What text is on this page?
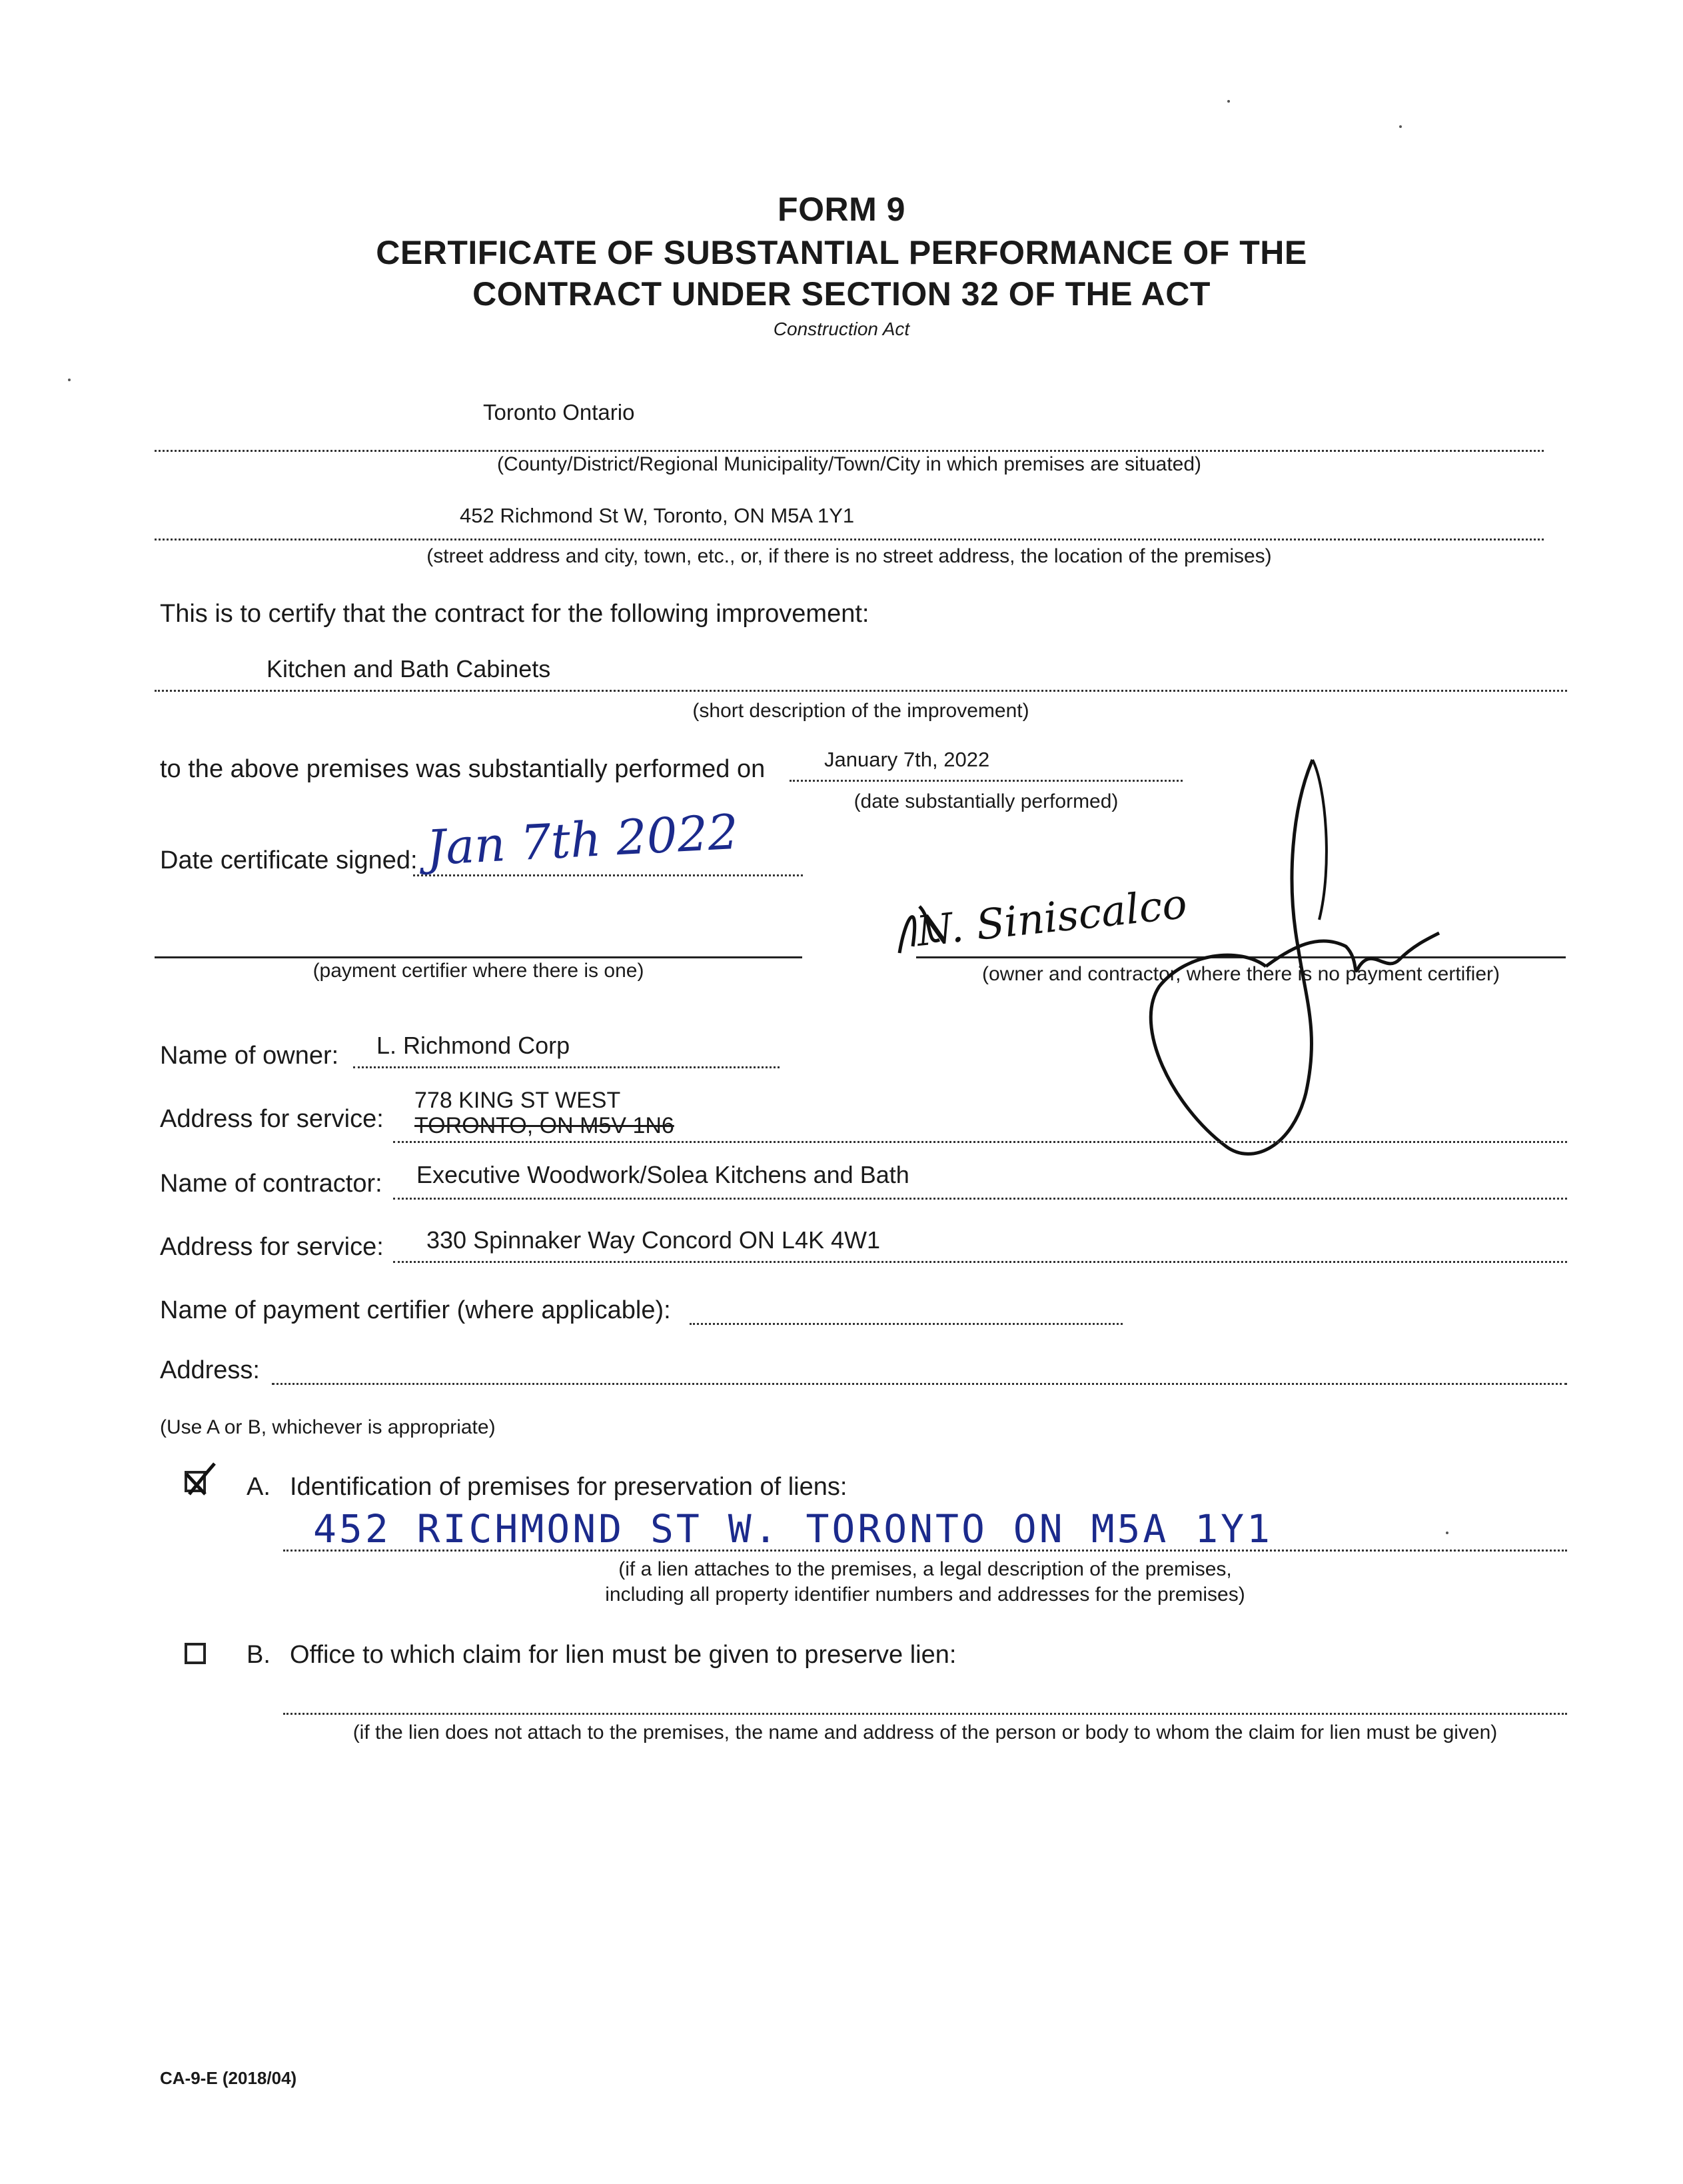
FORM 9
CERTIFICATE OF SUBSTANTIAL PERFORMANCE OF THE
CONTRACT UNDER SECTION 32 OF THE ACT
Construction Act
Toronto Ontario
(County/District/Regional Municipality/Town/City in which premises are situated)
452 Richmond St W, Toronto, ON M5A 1Y1
(street address and city, town, etc., or, if there is no street address, the location of the premises)
This is to certify that the contract for the following improvement:
Kitchen and Bath Cabinets
(short description of the improvement)
to the above premises was substantially performed on	January 7th, 2022
(date substantially performed)
Date certificate signed: Jan 7th 2022
(payment certifier where there is one)	(owner and contractor, where there is no payment certifier)
N. Siniscalco
Name of owner: L. Richmond Corp
Address for service:
778 KING ST WEST
TORONTO, ON M5V 1N6
Name of contractor: Executive Woodwork/Solea Kitchens and Bath
Address for service: 330 Spinnaker Way Concord ON L4K 4W1
Name of payment certifier (where applicable):
Address:
(Use A or B, whichever is appropriate)
A. Identification of premises for preservation of liens:
452 RICHMOND ST W. TORONTO ON M5A 1Y1
(if a lien attaches to the premises, a legal description of the premises,
including all property identifier numbers and addresses for the premises)
B. Office to which claim for lien must be given to preserve lien:
(if the lien does not attach to the premises, the name and address of the person or body to whom the claim for lien must be given)
CA-9-E (2018/04)
